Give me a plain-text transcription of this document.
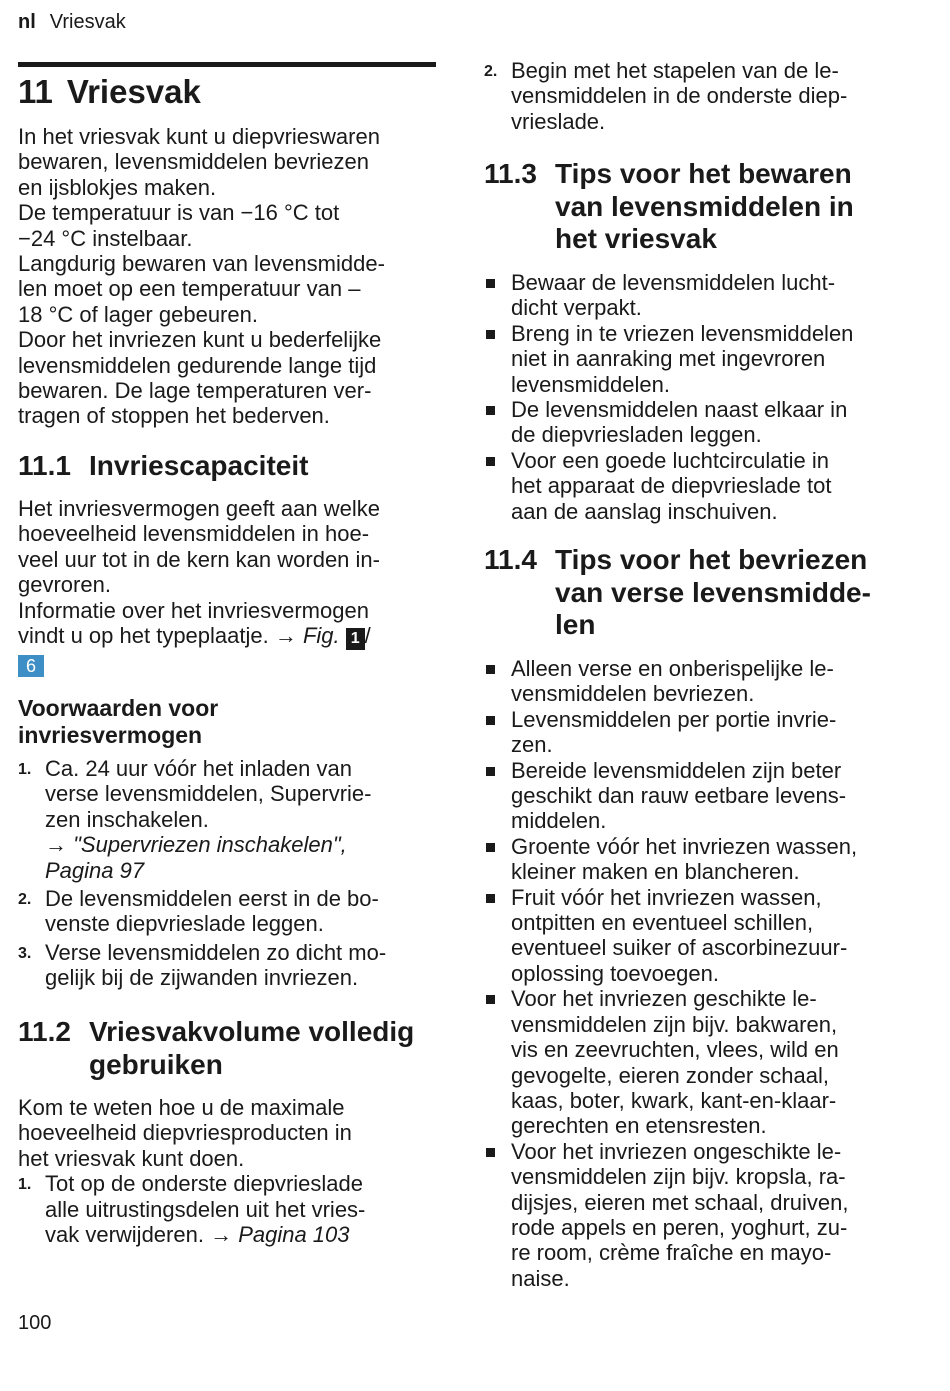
nl Vriesvak
11 Vriesvak

In het vriesvak kunt u diepvrieswaren

bewaren, levensmiddelen bevriezen

en ijsblokjes maken.

De temperatuur is van −16 °C tot

−24 °C instelbaar.

Langdurig bewaren van levensmidde-

len moet op een temperatuur van –

18 °C of lager gebeuren.

Door het invriezen kunt u bederfelijke

levensmiddelen gedurende lange tijd

bewaren. De lage temperaturen ver-

tragen of stoppen het bederven.

11.1 Invriescapaciteit

Het invriesvermogen geeft aan welke

hoeveelheid levensmiddelen in hoe-

veel uur tot in de kern kan worden in-

gevroren.

Informatie over het invriesvermogen

vindt u op het typeplaatje. → Fig. 1 /

6

Voorwaarden voor
invriesvermogen
1. Ca. 24 uur vóór het inladen van
verse levensmiddelen, Supervrie-
zen inschakelen.
→ "Supervriezen inschakelen",
Pagina 97
2. De levensmiddelen eerst in de bo-
venste diepvrieslade leggen.
3. Verse levensmiddelen zo dicht mo-
gelijk bij de zijwanden invriezen.
11.2 Vriesvakvolume volledig
gebruiken

Kom te weten hoe u de maximale

hoeveelheid diepvriesproducten in

het vriesvak kunt doen.

1. Tot op de onderste diepvrieslade
alle uitrustingsdelen uit het vries-
vak verwijderen. → Pagina 103
2. Begin met het stapelen van de le-
vensmiddelen in de onderste diep-
vrieslade.
11.3 Tips voor het bewaren
van levensmiddelen in
het vriesvak
Bewaar de levensmiddelen lucht-
dicht verpakt.
Breng in te vriezen levensmiddelen
niet in aanraking met ingevroren
levensmiddelen.
De levensmiddelen naast elkaar in
de diepvriesladen leggen.
Voor een goede luchtcirculatie in
het apparaat de diepvrieslade tot
aan de aanslag inschuiven.
11.4 Tips voor het bevriezen
van verse levensmidde-
len
Alleen verse en onberispelijke le-
vensmiddelen bevriezen.
Levensmiddelen per portie invrie-
zen.
Bereide levensmiddelen zijn beter
geschikt dan rauw eetbare levens-
middelen.
Groente vóór het invriezen wassen,
kleiner maken en blancheren.
Fruit vóór het invriezen wassen,
ontpitten en eventueel schillen,
eventueel suiker of ascorbinezuur-
oplossing toevoegen.
Voor het invriezen geschikte le-
vensmiddelen zijn bijv. bakwaren,
vis en zeevruchten, vlees, wild en
gevogelte, eieren zonder schaal,
kaas, boter, kwark, kant-en-klaar-
gerechten en etensresten.
Voor het invriezen ongeschikte le-
vensmiddelen zijn bijv. kropsla, ra-
dijsjes, eieren met schaal, druiven,
rode appels en peren, yoghurt, zu-
re room, crème fraîche en mayo-
naise.
100
